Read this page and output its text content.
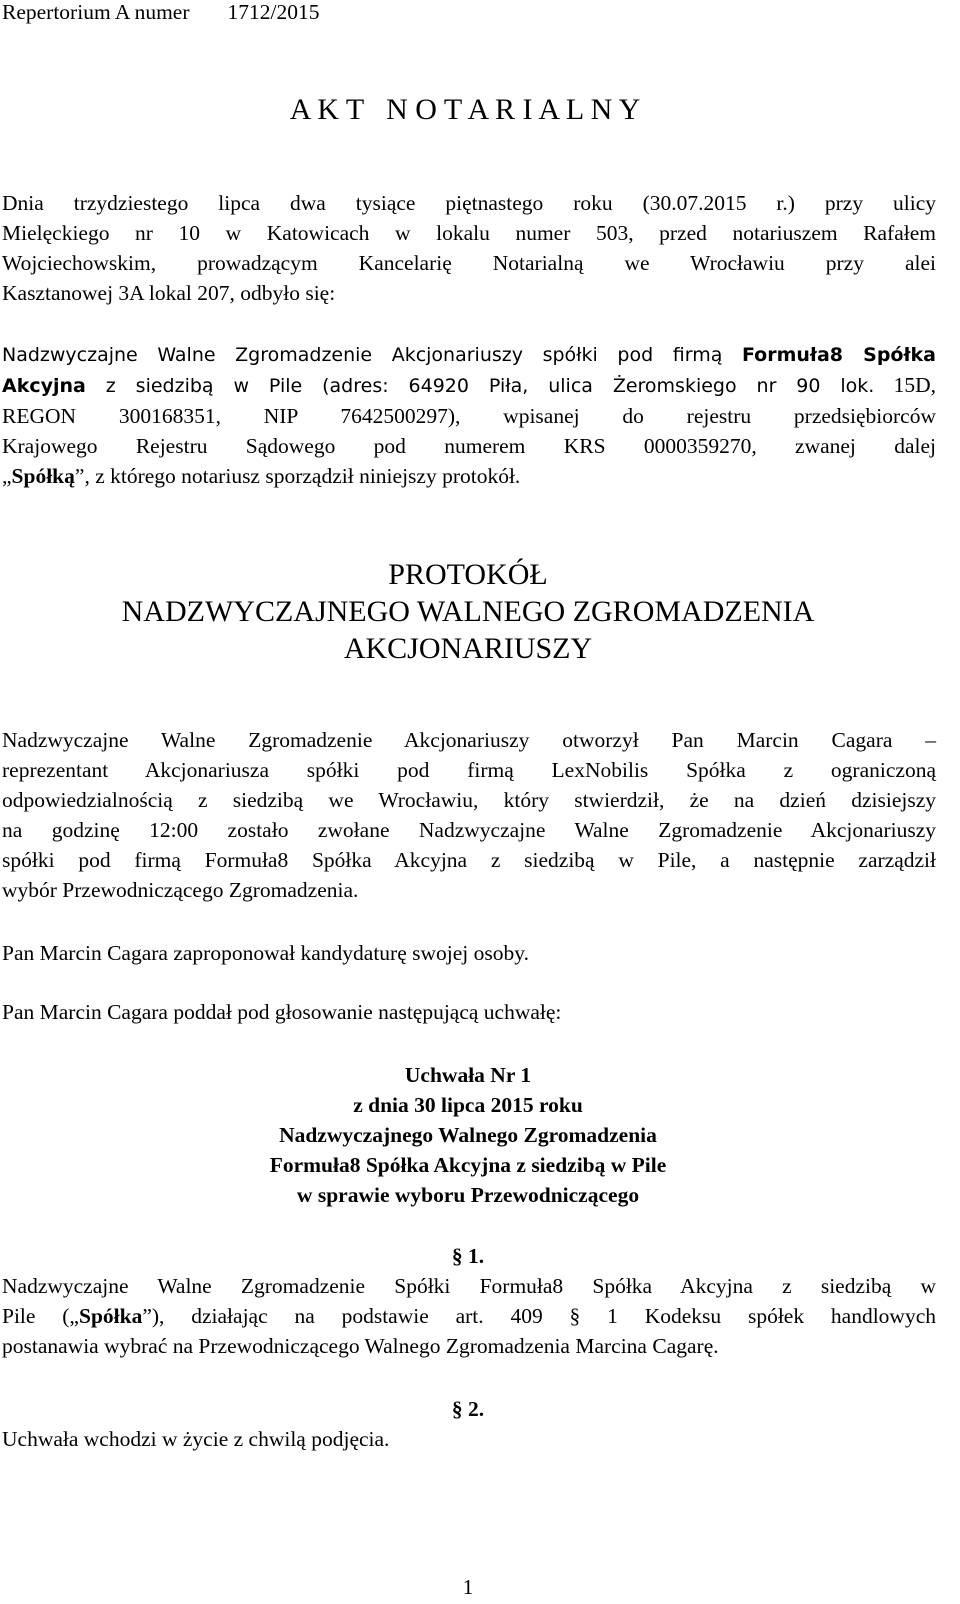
Repertorium A numer 1712/2015
A K T   N O T A R I A L N Y
Dnia trzydziestego lipca dwa tysiące piętnastego roku (30.07.2015 r.) przy ulicy
Mielęckiego nr 10 w Katowicach w lokalu numer 503, przed notariuszem Rafałem
Wojciechowskim, prowadzącym Kancelarię Notarialną we Wrocławiu przy alei
Kasztanowej 3A lokal 207, odbyło się:
Nadzwyczajne Walne Zgromadzenie Akcjonariuszy spółki pod firmą Formuła8 Spółka
Akcyjna z siedzibą w Pile (adres: 64920 Piła, ulica Żeromskiego nr 90 lok. 15D,
REGON 300168351, NIP 7642500297), wpisanej do rejestru przedsiębiorców
Krajowego Rejestru Sądowego pod numerem KRS 0000359270, zwanej dalej
„Spółką”, z którego notariusz sporządził niniejszy protokół.
PROTOKÓŁ
NADZWYCZAJNEGO WALNEGO ZGROMADZENIA
AKCJONARIUSZY
Nadzwyczajne Walne Zgromadzenie Akcjonariuszy otworzył Pan Marcin Cagara –
reprezentant Akcjonariusza spółki pod firmą LexNobilis Spółka z ograniczoną
odpowiedzialnością z siedzibą we Wrocławiu, który stwierdził, że na dzień dzisiejszy
na godzinę 12:00 zostało zwołane Nadzwyczajne Walne Zgromadzenie Akcjonariuszy
spółki pod firmą Formuła8 Spółka Akcyjna z siedzibą w Pile, a następnie zarządził
wybór Przewodniczącego Zgromadzenia.
Pan Marcin Cagara zaproponował kandydaturę swojej osoby.
Pan Marcin Cagara poddał pod głosowanie następującą uchwałę:
Uchwała Nr 1
z dnia 30 lipca 2015 roku
Nadzwyczajnego Walnego Zgromadzenia
Formuła8 Spółka Akcyjna z siedzibą w Pile
w sprawie wyboru Przewodniczącego
§ 1.
Nadzwyczajne Walne Zgromadzenie Spółki Formuła8 Spółka Akcyjna z siedzibą w
Pile („Spółka”), działając na podstawie art. 409 § 1 Kodeksu spółek handlowych
postanawia wybrać na Przewodniczącego Walnego Zgromadzenia Marcina Cagarę.
§ 2.
Uchwała wchodzi w życie z chwilą podjęcia.
1
